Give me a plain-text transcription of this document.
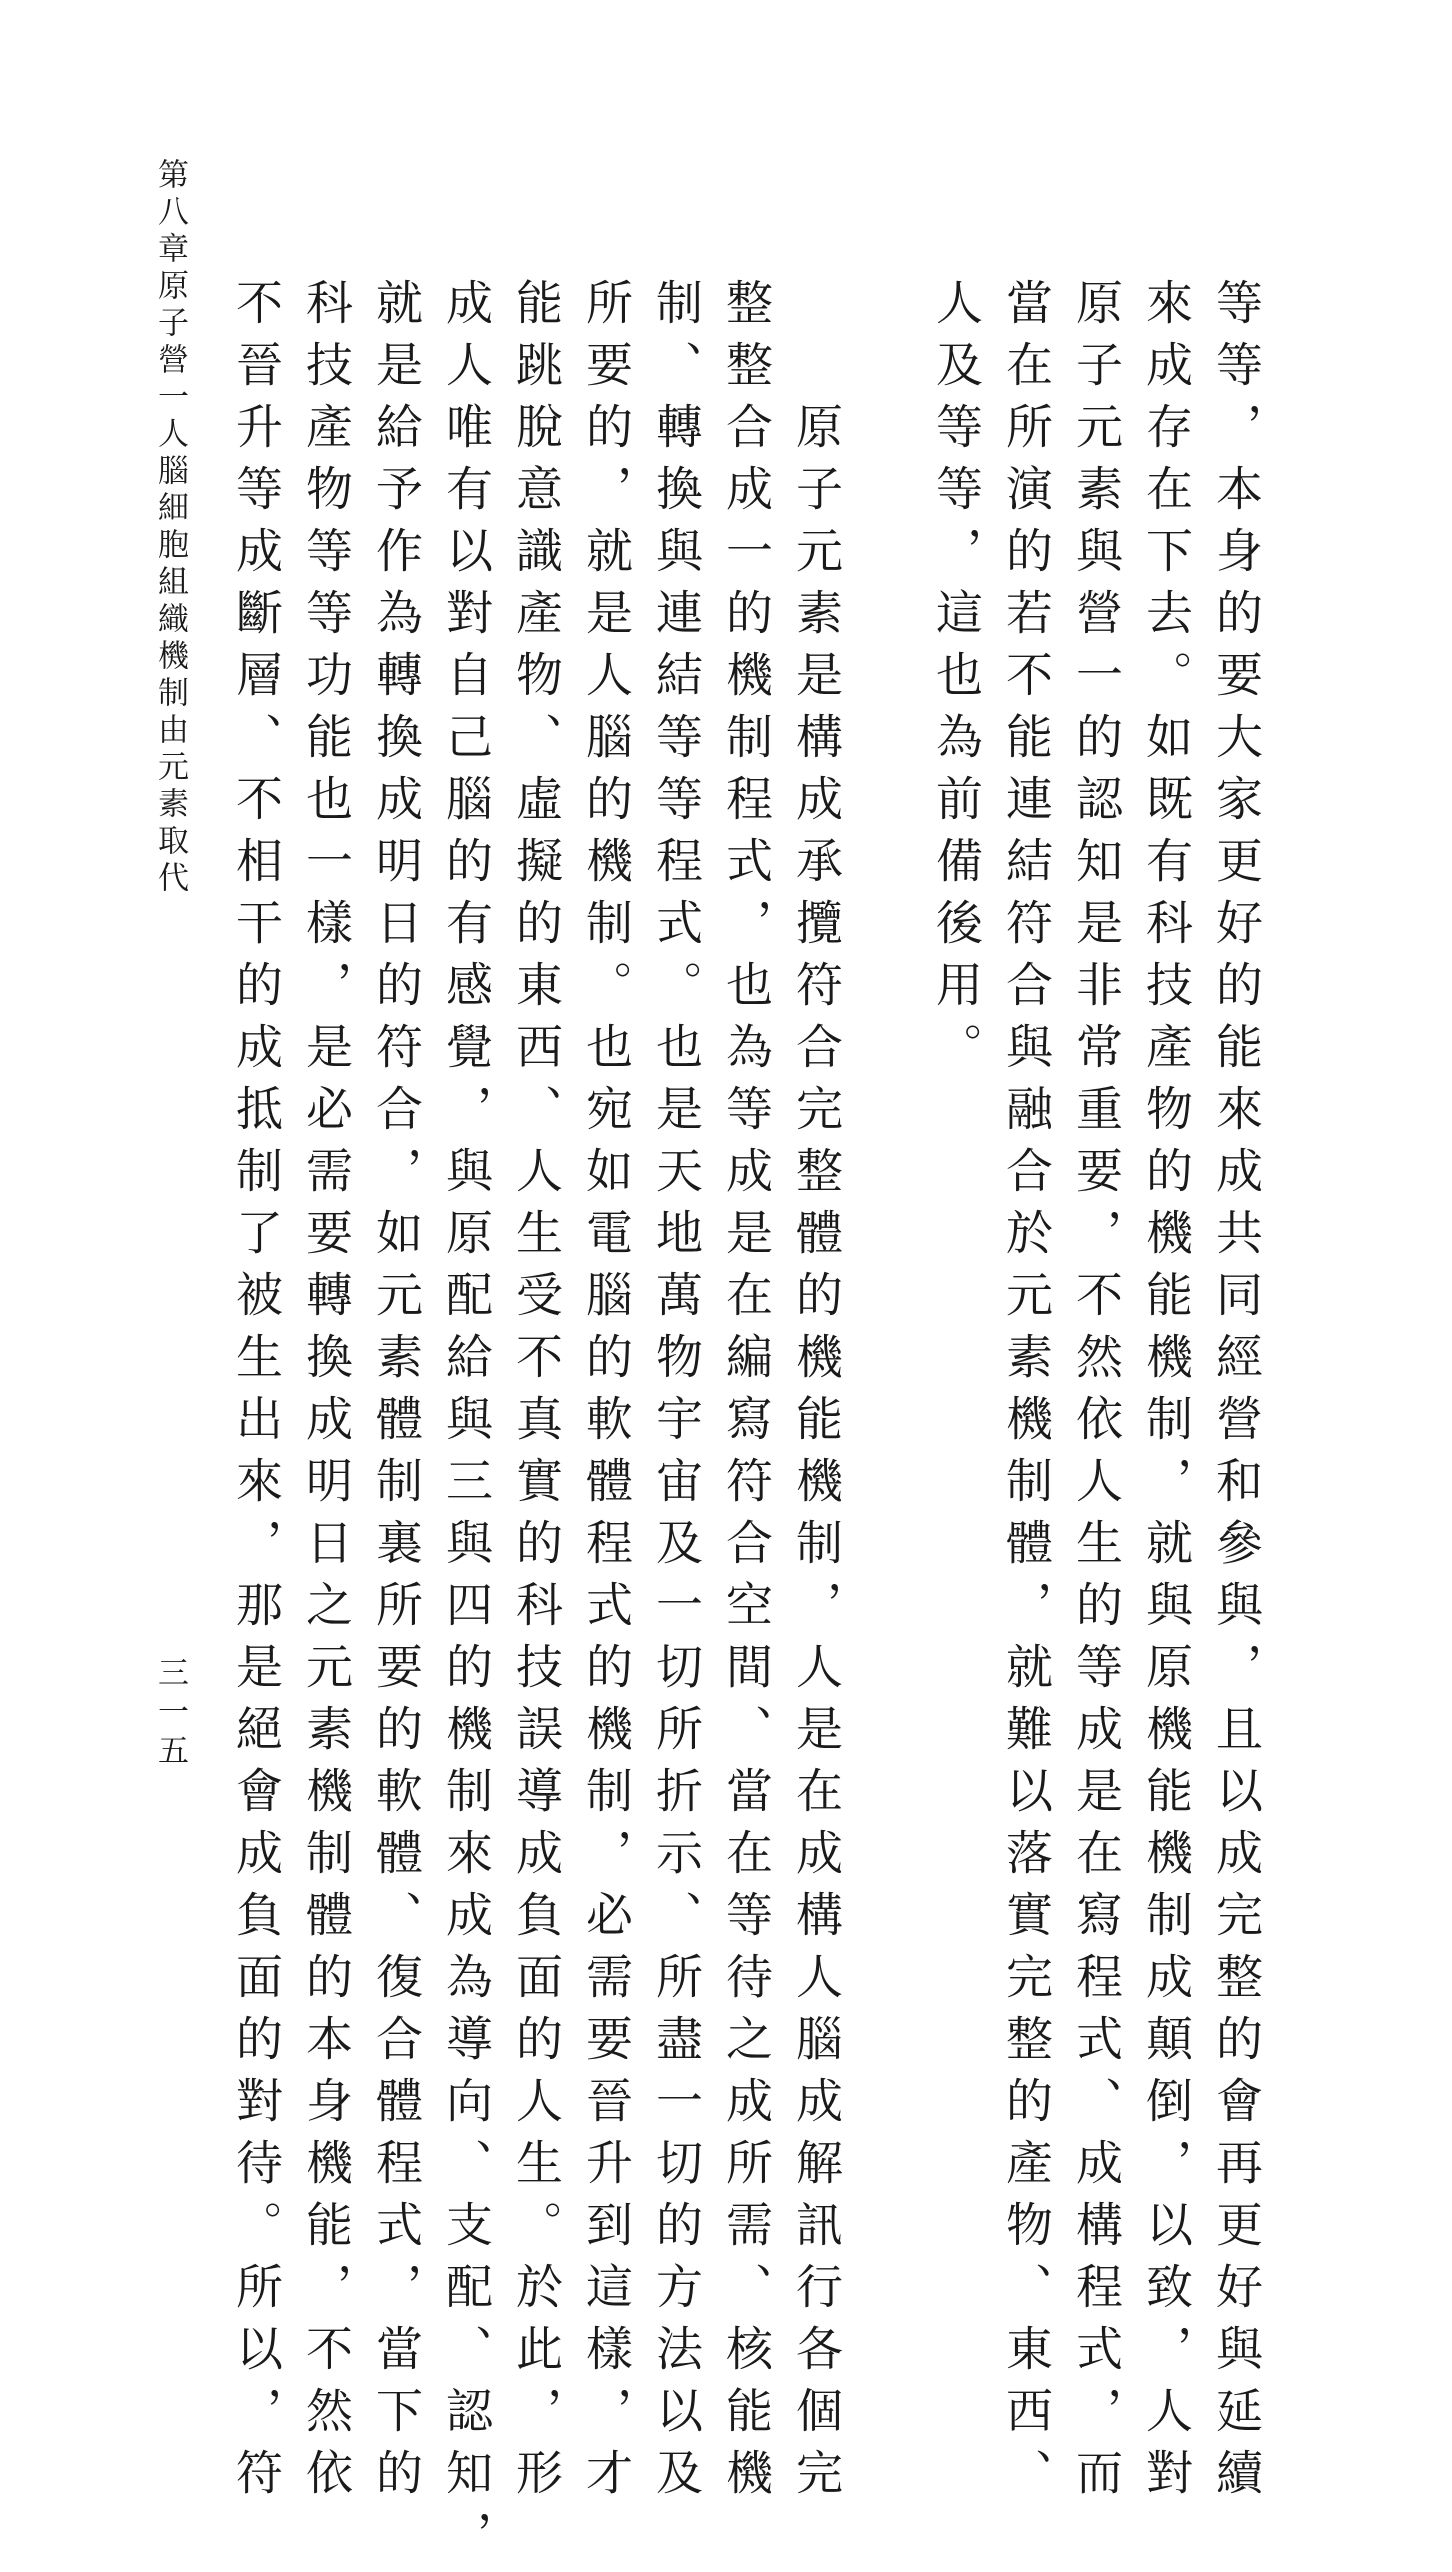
等等，本身的要大家更好的能來成共同經營和參與，且以成完整的會再更好與延續
來成存在下去。如既有科技產物的機能機制，就與原機能機制成顛倒，以致，人對
原子元素與營一的認知是非常重要，不然依人生的等成是在寫程式、成構程式，而
當在所演的若不能連結符合與融合於元素機制體，就難以落實完整的產物、東西、
人及等等，這也為前備後用。
　　原子元素是構成承攬符合完整體的機能機制，人是在成構人腦成解訊行各個完
整整合成一的機制程式，也為等成是在編寫符合空間、當在等待之成所需、核能機
制、轉換與連結等等程式。也是天地萬物宇宙及一切所折示、所盡一切的方法以及
所要的，就是人腦的機制。也宛如電腦的軟體程式的機制，必需要晉升到這樣，才
能跳脫意識產物、虛擬的東西、人生受不真實的科技誤導成負面的人生。於此，形
成人唯有以對自己腦的有感覺，與原配給與三與四的機制來成為導向、支配、認知，
就是給予作為轉換成明日的符合，如元素體制裏所要的軟體、復合體程式，當下的
科技產物等等功能也一樣，是必需要轉換成明日之元素機制體的本身機能，不然依
不晉升等成斷層、不相干的成抵制了被生出來，那是絕會成負面的對待。所以，符
第八章原子營一人腦細胞組織機制由元素取代
三一五
